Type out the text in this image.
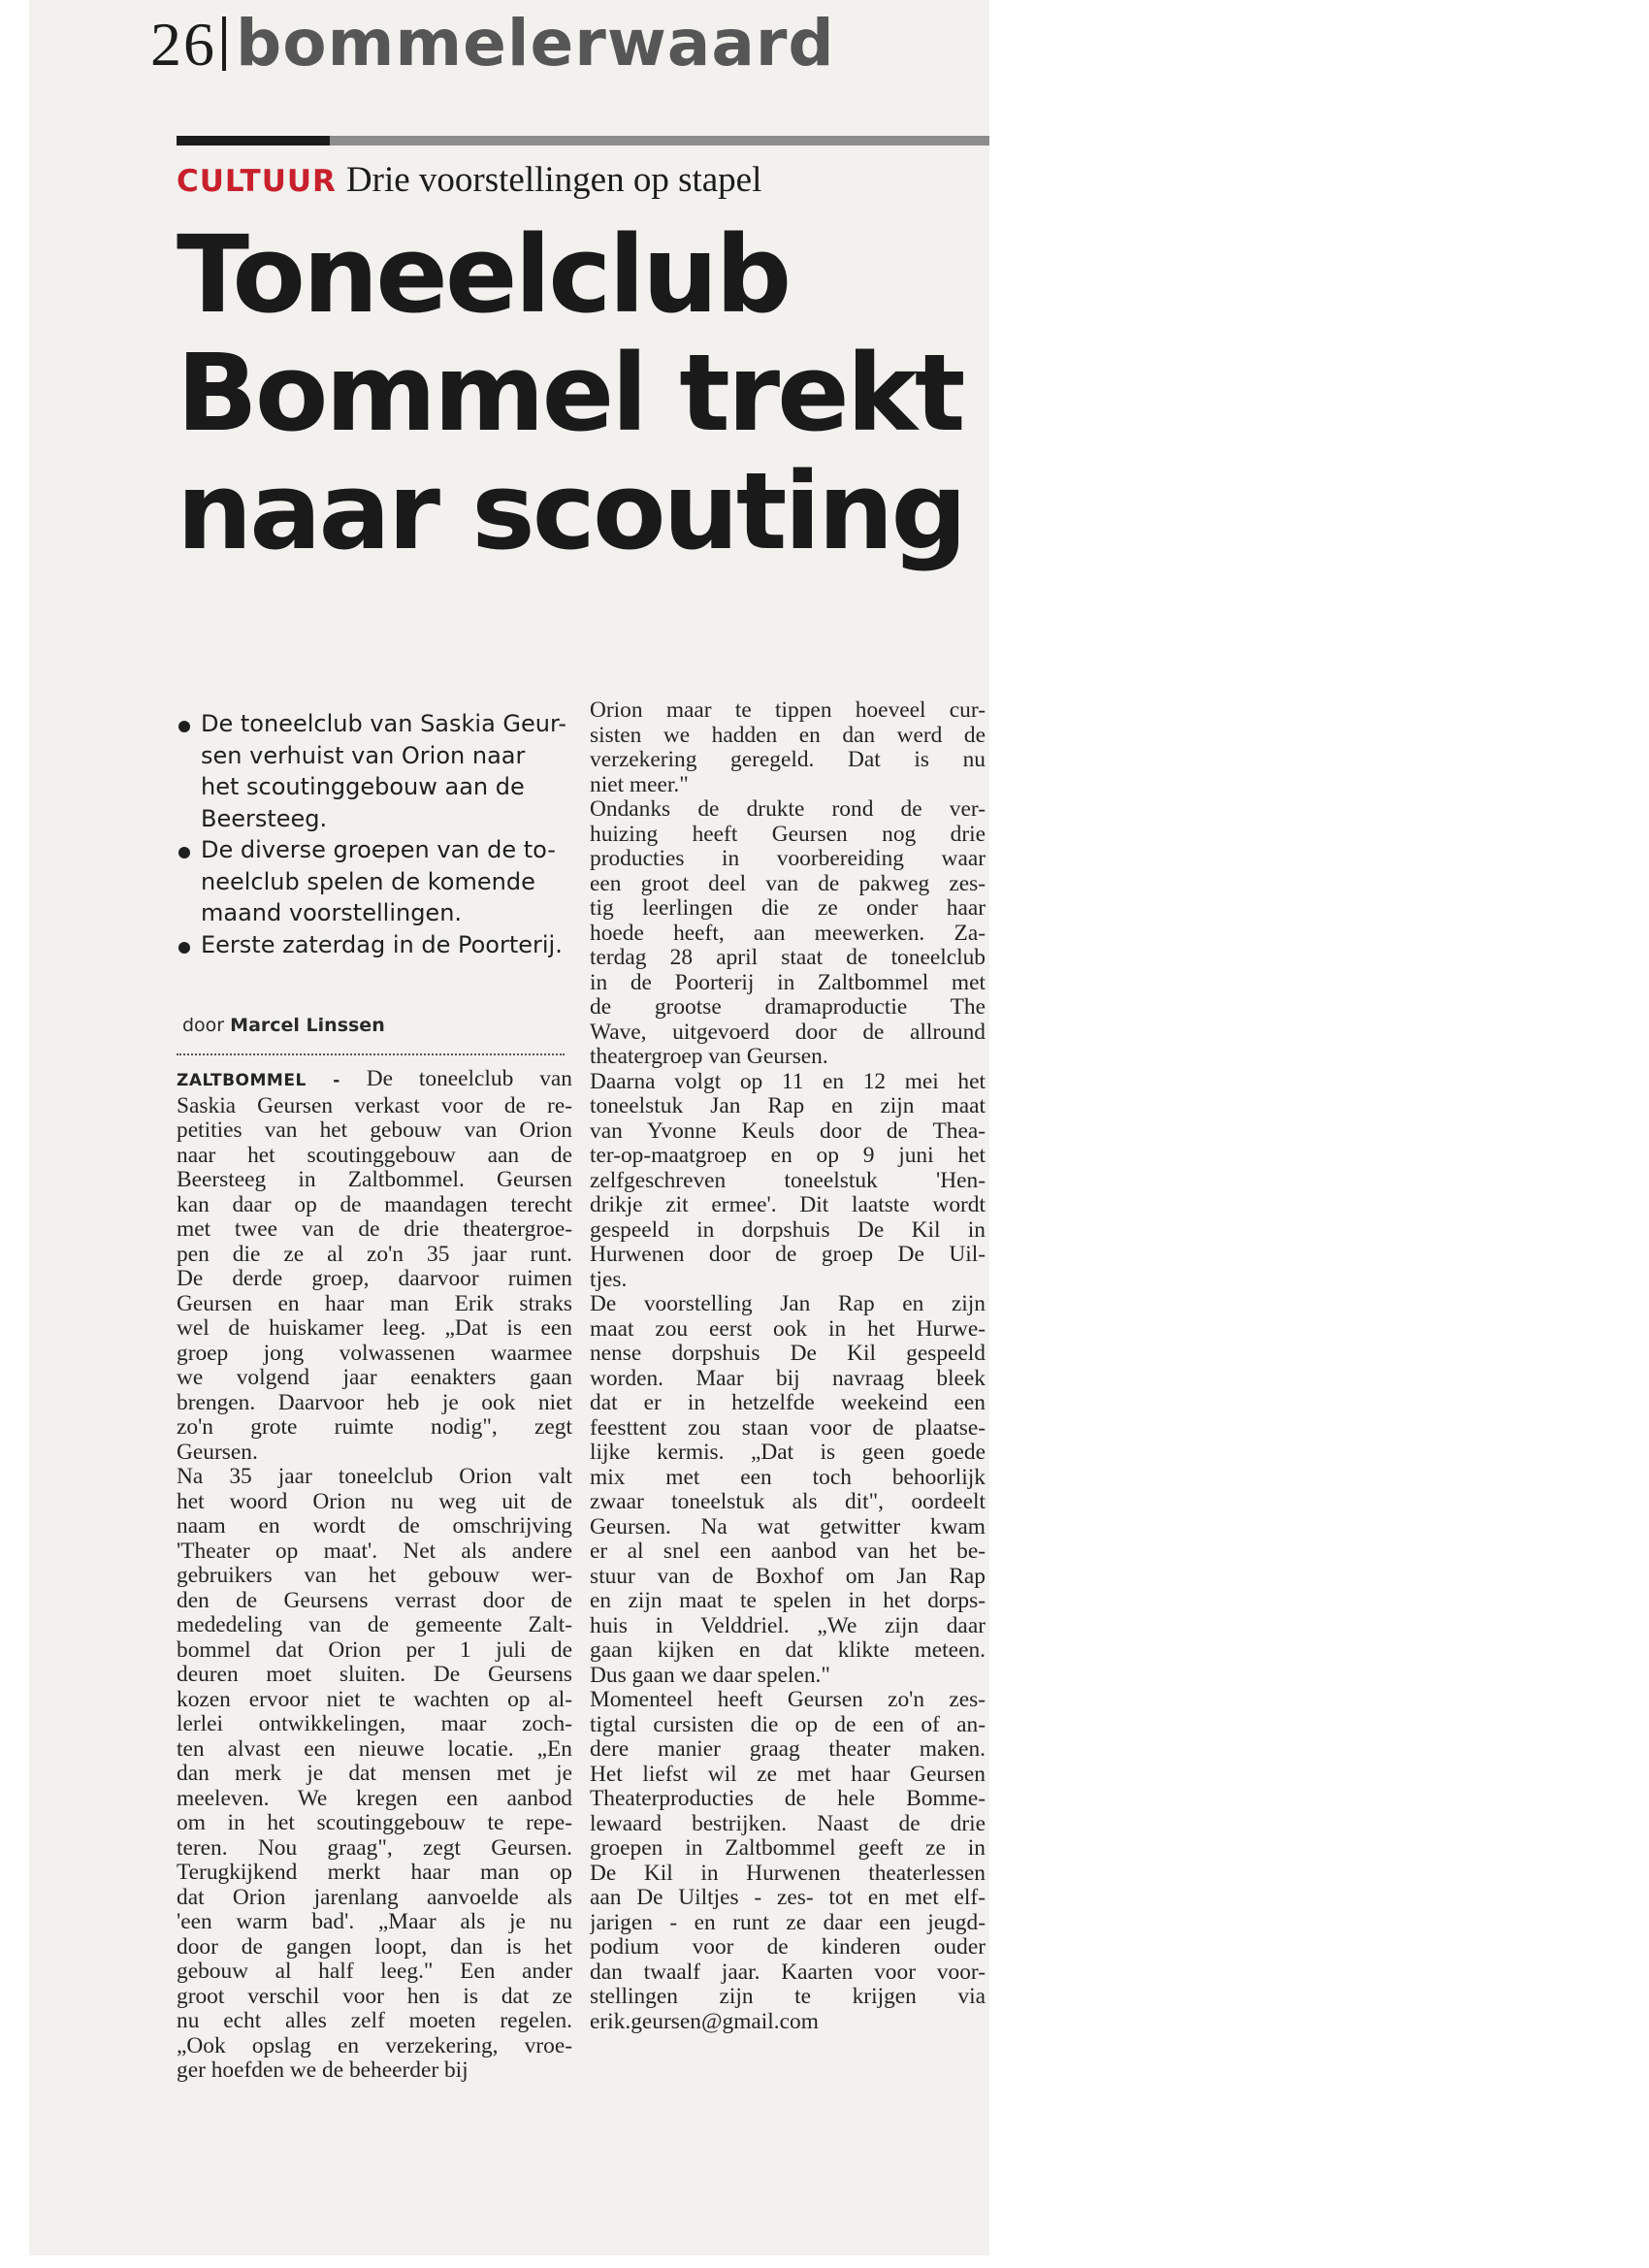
26 bommelerwaard
CULTUUR Drie voorstellingen op stapel
Toneelclub
Bommel trekt
naar scouting
De toneelclub van Saskia Geur-
sen verhuist van Orion naar
het scoutinggebouw aan de
Beersteeg.
De diverse groepen van de to-
neelclub spelen de komende
maand voorstellingen.
Eerste zaterdag in de Poorterij.
door Marcel Linssen
ZALTBOMMEL - De toneelclub van
Saskia Geursen verkast voor de re-
petities van het gebouw van Orion
naar het scoutinggebouw aan de
Beersteeg in Zaltbommel. Geursen
kan daar op de maandagen terecht
met twee van de drie theatergroe-
pen die ze al zo'n 35 jaar runt.
De derde groep, daarvoor ruimen
Geursen en haar man Erik straks
wel de huiskamer leeg. „Dat is een
groep jong volwassenen waarmee
we volgend jaar eenakters gaan
brengen. Daarvoor heb je ook niet
zo'n grote ruimte nodig", zegt
Geursen.
Na 35 jaar toneelclub Orion valt
het woord Orion nu weg uit de
naam en wordt de omschrijving
'Theater op maat'. Net als andere
gebruikers van het gebouw wer-
den de Geursens verrast door de
mededeling van de gemeente Zalt-
bommel dat Orion per 1 juli de
deuren moet sluiten. De Geursens
kozen ervoor niet te wachten op al-
lerlei ontwikkelingen, maar zoch-
ten alvast een nieuwe locatie. „En
dan merk je dat mensen met je
meeleven. We kregen een aanbod
om in het scoutinggebouw te repe-
teren. Nou graag", zegt Geursen.
Terugkijkend merkt haar man op
dat Orion jarenlang aanvoelde als
'een warm bad'. „Maar als je nu
door de gangen loopt, dan is het
gebouw al half leeg." Een ander
groot verschil voor hen is dat ze
nu echt alles zelf moeten regelen.
„Ook opslag en verzekering, vroe-
ger hoefden we de beheerder bij
Orion maar te tippen hoeveel cur-
sisten we hadden en dan werd de
verzekering geregeld. Dat is nu
niet meer."
Ondanks de drukte rond de ver-
huizing heeft Geursen nog drie
producties in voorbereiding waar
een groot deel van de pakweg zes-
tig leerlingen die ze onder haar
hoede heeft, aan meewerken. Za-
terdag 28 april staat de toneelclub
in de Poorterij in Zaltbommel met
de grootse dramaproductie The
Wave, uitgevoerd door de allround
theatergroep van Geursen.
Daarna volgt op 11 en 12 mei het
toneelstuk Jan Rap en zijn maat
van Yvonne Keuls door de Thea-
ter-op-maatgroep en op 9 juni het
zelfgeschreven toneelstuk 'Hen-
drikje zit ermee'. Dit laatste wordt
gespeeld in dorpshuis De Kil in
Hurwenen door de groep De Uil-
tjes.
De voorstelling Jan Rap en zijn
maat zou eerst ook in het Hurwe-
nense dorpshuis De Kil gespeeld
worden. Maar bij navraag bleek
dat er in hetzelfde weekeind een
feesttent zou staan voor de plaatse-
lijke kermis. „Dat is geen goede
mix met een toch behoorlijk
zwaar toneelstuk als dit", oordeelt
Geursen. Na wat getwitter kwam
er al snel een aanbod van het be-
stuur van de Boxhof om Jan Rap
en zijn maat te spelen in het dorps-
huis in Velddriel. „We zijn daar
gaan kijken en dat klikte meteen.
Dus gaan we daar spelen."
Momenteel heeft Geursen zo'n zes-
tigtal cursisten die op de een of an-
dere manier graag theater maken.
Het liefst wil ze met haar Geursen
Theaterproducties de hele Bomme-
lewaard bestrijken. Naast de drie
groepen in Zaltbommel geeft ze in
De Kil in Hurwenen theaterlessen
aan De Uiltjes - zes- tot en met elf-
jarigen - en runt ze daar een jeugd-
podium voor de kinderen ouder
dan twaalf jaar. Kaarten voor voor-
stellingen zijn te krijgen via
erik.geursen@gmail.com
